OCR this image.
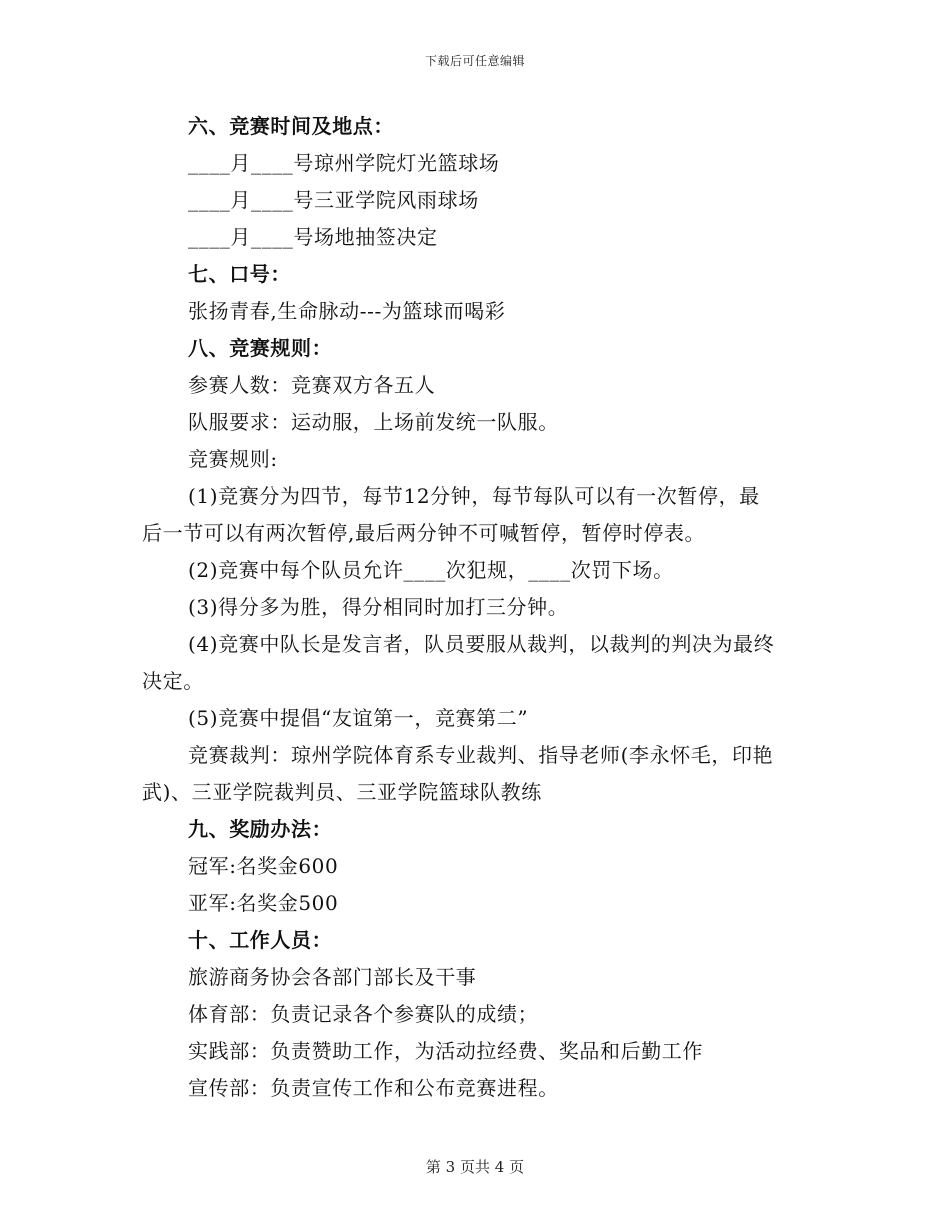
下载后可任意编辑
六、竞赛时间及地点：
____月____号琼州学院灯光篮球场
____月____号三亚学院风雨球场
____月____号场地抽签决定
七、口号：
张扬青春,生命脉动---为篮球而喝彩
八、竞赛规则：
参赛人数：竞赛双方各五人
队服要求：运动服，上场前发统一队服。
竞赛规则:
(1)竞赛分为四节，每节12分钟，每节每队可以有一次暂停，最
后一节可以有两次暂停,最后两分钟不可喊暂停，暂停时停表。
(2)竞赛中每个队员允许____次犯规，____次罚下场。
(3)得分多为胜，得分相同时加打三分钟。
(4)竞赛中队长是发言者，队员要服从裁判，以裁判的判决为最终
决定。
(5)竞赛中提倡“友谊第一，竞赛第二”
竞赛裁判：琼州学院体育系专业裁判、指导老师(李永怀毛，印艳
武)、三亚学院裁判员、三亚学院篮球队教练
九、奖励办法：
冠军:名奖金600
亚军:名奖金500
十、工作人员：
旅游商务协会各部门部长及干事
体育部：负责记录各个参赛队的成绩；
实践部：负责赞助工作，为活动拉经费、奖品和后勤工作
宣传部：负责宣传工作和公布竞赛进程。
第 3 页共 4 页
